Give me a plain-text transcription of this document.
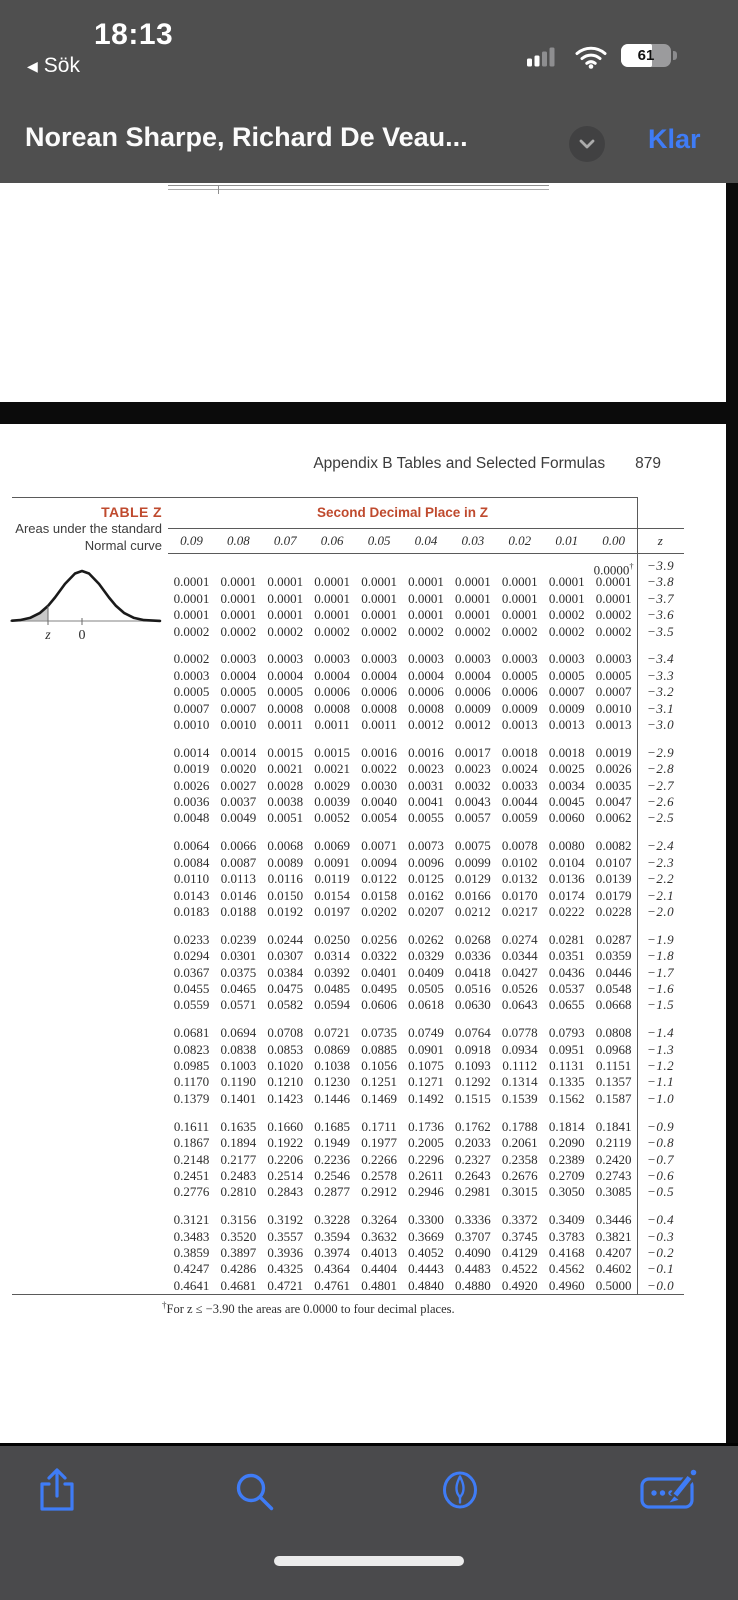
18:13
◀ Sök	61
Norean Sharpe, Richard De Veau...	Klar
Appendix B Tables and Selected Formulas 879
TABLE Z	Second Decimal Place in Z
Areas under the standard
Normal curve	0.09	0.08	0.07	0.06	0.05	0.04	0.03	0.02	0.01	0.00	z
z 0
0.0000†	−3.9
0.0001 0.0001 0.0001 0.0001 0.0001 0.0001 0.0001 0.0001 0.0001 0.0001	−3.8
0.0001 0.0001 0.0001 0.0001 0.0001 0.0001 0.0001 0.0001 0.0001 0.0001	−3.7
0.0001 0.0001 0.0001 0.0001 0.0001 0.0001 0.0001 0.0001 0.0002 0.0002	−3.6
0.0002 0.0002 0.0002 0.0002 0.0002 0.0002 0.0002 0.0002 0.0002 0.0002	−3.5
0.0002 0.0003 0.0003 0.0003 0.0003 0.0003 0.0003 0.0003 0.0003 0.0003	−3.4
0.0003 0.0004 0.0004 0.0004 0.0004 0.0004 0.0004 0.0005 0.0005 0.0005	−3.3
0.0005 0.0005 0.0005 0.0006 0.0006 0.0006 0.0006 0.0006 0.0007 0.0007	−3.2
0.0007 0.0007 0.0008 0.0008 0.0008 0.0008 0.0009 0.0009 0.0009 0.0010	−3.1
0.0010 0.0010 0.0011 0.0011 0.0011 0.0012 0.0012 0.0013 0.0013 0.0013	−3.0
0.0014 0.0014 0.0015 0.0015 0.0016 0.0016 0.0017 0.0018 0.0018 0.0019	−2.9
0.0019 0.0020 0.0021 0.0021 0.0022 0.0023 0.0023 0.0024 0.0025 0.0026	−2.8
0.0026 0.0027 0.0028 0.0029 0.0030 0.0031 0.0032 0.0033 0.0034 0.0035	−2.7
0.0036 0.0037 0.0038 0.0039 0.0040 0.0041 0.0043 0.0044 0.0045 0.0047	−2.6
0.0048 0.0049 0.0051 0.0052 0.0054 0.0055 0.0057 0.0059 0.0060 0.0062	−2.5
0.0064 0.0066 0.0068 0.0069 0.0071 0.0073 0.0075 0.0078 0.0080 0.0082	−2.4
0.0084 0.0087 0.0089 0.0091 0.0094 0.0096 0.0099 0.0102 0.0104 0.0107	−2.3
0.0110 0.0113 0.0116 0.0119 0.0122 0.0125 0.0129 0.0132 0.0136 0.0139	−2.2
0.0143 0.0146 0.0150 0.0154 0.0158 0.0162 0.0166 0.0170 0.0174 0.0179	−2.1
0.0183 0.0188 0.0192 0.0197 0.0202 0.0207 0.0212 0.0217 0.0222 0.0228	−2.0
0.0233 0.0239 0.0244 0.0250 0.0256 0.0262 0.0268 0.0274 0.0281 0.0287	−1.9
0.0294 0.0301 0.0307 0.0314 0.0322 0.0329 0.0336 0.0344 0.0351 0.0359	−1.8
0.0367 0.0375 0.0384 0.0392 0.0401 0.0409 0.0418 0.0427 0.0436 0.0446	−1.7
0.0455 0.0465 0.0475 0.0485 0.0495 0.0505 0.0516 0.0526 0.0537 0.0548	−1.6
0.0559 0.0571 0.0582 0.0594 0.0606 0.0618 0.0630 0.0643 0.0655 0.0668	−1.5
0.0681 0.0694 0.0708 0.0721 0.0735 0.0749 0.0764 0.0778 0.0793 0.0808	−1.4
0.0823 0.0838 0.0853 0.0869 0.0885 0.0901 0.0918 0.0934 0.0951 0.0968	−1.3
0.0985 0.1003 0.1020 0.1038 0.1056 0.1075 0.1093 0.1112 0.1131 0.1151	−1.2
0.1170 0.1190 0.1210 0.1230 0.1251 0.1271 0.1292 0.1314 0.1335 0.1357	−1.1
0.1379 0.1401 0.1423 0.1446 0.1469 0.1492 0.1515 0.1539 0.1562 0.1587	−1.0
0.1611 0.1635 0.1660 0.1685 0.1711 0.1736 0.1762 0.1788 0.1814 0.1841	−0.9
0.1867 0.1894 0.1922 0.1949 0.1977 0.2005 0.2033 0.2061 0.2090 0.2119	−0.8
0.2148 0.2177 0.2206 0.2236 0.2266 0.2296 0.2327 0.2358 0.2389 0.2420	−0.7
0.2451 0.2483 0.2514 0.2546 0.2578 0.2611 0.2643 0.2676 0.2709 0.2743	−0.6
0.2776 0.2810 0.2843 0.2877 0.2912 0.2946 0.2981 0.3015 0.3050 0.3085	−0.5
0.3121 0.3156 0.3192 0.3228 0.3264 0.3300 0.3336 0.3372 0.3409 0.3446	−0.4
0.3483 0.3520 0.3557 0.3594 0.3632 0.3669 0.3707 0.3745 0.3783 0.3821	−0.3
0.3859 0.3897 0.3936 0.3974 0.4013 0.4052 0.4090 0.4129 0.4168 0.4207	−0.2
0.4247 0.4286 0.4325 0.4364 0.4404 0.4443 0.4483 0.4522 0.4562 0.4602	−0.1
0.4641 0.4681 0.4721 0.4761 0.4801 0.4840 0.4880 0.4920 0.4960 0.5000	−0.0
†For z ≤ −3.90 the areas are 0.0000 to four decimal places.
